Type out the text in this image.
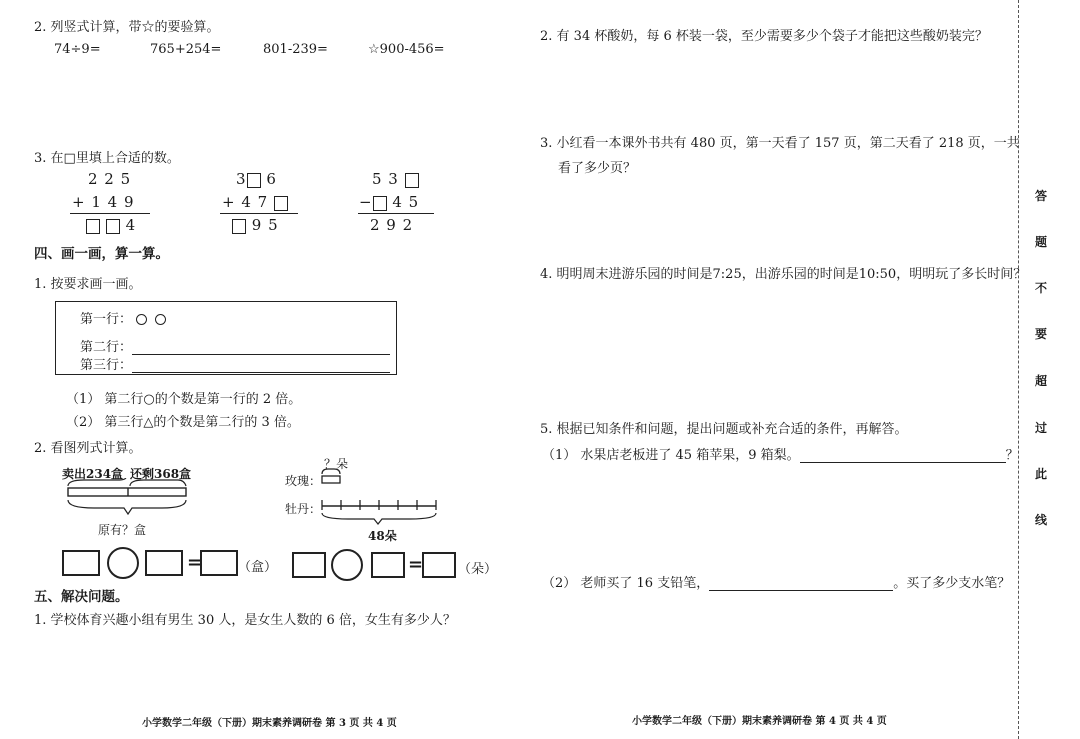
2. 列竖式计算，带☆的要验算。
74÷9=	765+254=	801-239=	☆900-456=
3. 在□里填上合适的数。
2 2 5
+ 1 4 9
4
3 6
+ 4 7
9 5
5 3
− 4 5
2 9 2
四、画一画，算一算。
1. 按要求画一画。
第一行：
第二行：
第三行：
（1） 第二行○的个数是第一行的 2 倍。
（2） 第三行△的个数是第二行的 3 倍。
2. 看图列式计算。
卖出234盒 还剩368盒
原有？盒
=	（盒）
？朵
玫瑰：
牡丹：
48朵
=	（朵）
五、解决问题。
1. 学校体育兴趣小组有男生 30 人，是女生人数的 6 倍，女生有多少人？
小学数学二年级（下册）期末素养调研卷 第 3 页 共 4 页
2. 有 34 杯酸奶，每 6 杯装一袋，至少需要多少个袋子才能把这些酸奶装完？
3. 小红看一本课外书共有 480 页，第一天看了 157 页，第二天看了 218 页，一共
看了多少页？
4. 明明周末进游乐园的时间是7:25，出游乐园的时间是10:50，明明玩了多长时间？
5. 根据已知条件和问题，提出问题或补充合适的条件，再解答。
（1） 水果店老板进了 45 箱苹果，9 箱梨。	？
（2） 老师买了 16 支铅笔，	。买了多少支水笔？
小学数学二年级（下册）期末素养调研卷 第 4 页 共 4 页
答
题
不
要
超
过
此
线
